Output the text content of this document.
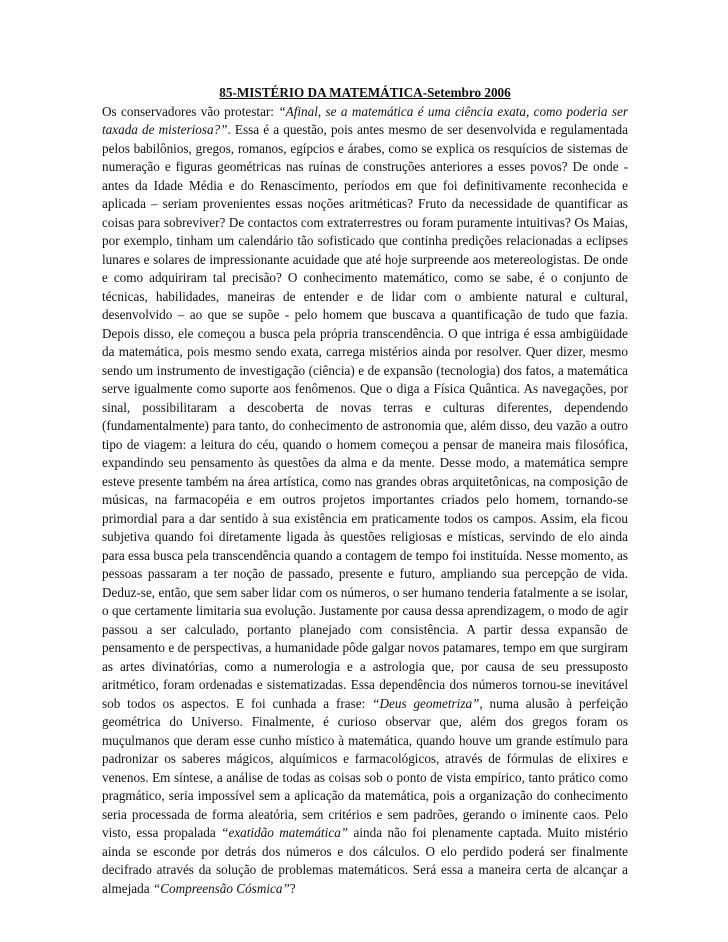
85-MISTÉRIO DA MATEMÁTICA-Setembro 2006

Os conservadores vão protestar: “Afinal, se a matemática é uma ciência exata, como poderia ser taxada de misteriosa?”. Essa é a questão, pois antes mesmo de ser desenvolvida e regulamentada pelos babilônios, gregos, romanos, egípcios e árabes, como se explica os resquícios de sistemas de numeração e figuras geométricas nas ruínas de construções anteriores a esses povos? De onde - antes da Idade Média e do Renascimento, períodos em que foi definitivamente reconhecida e aplicada – seriam provenientes essas noções aritméticas? Fruto da necessidade de quantificar as coisas para sobreviver? De contactos com extraterrestres ou foram puramente intuitivas? Os Maias, por exemplo, tinham um calendário tão sofisticado que continha predições relacionadas a eclipses lunares e solares de impressionante acuidade que até hoje surpreende aos metereologistas. De onde e como adquiriram tal precisão? O conhecimento matemático, como se sabe, é o conjunto de técnicas, habilidades, maneiras de entender e de lidar com o ambiente natural e cultural, desenvolvido – ao que se supõe - pelo homem que buscava a quantificação de tudo que fazia. Depois disso, ele começou a busca pela própria transcendência. O que intriga é essa ambigüidade da matemática, pois mesmo sendo exata, carrega mistérios ainda por resolver. Quer dizer, mesmo sendo um instrumento de investigação (ciência) e de expansão (tecnologia) dos fatos, a matemática serve igualmente como suporte aos fenômenos. Que o diga a Física Quântica. As navegações, por sinal, possibilitaram a descoberta de novas terras e culturas diferentes, dependendo (fundamentalmente) para tanto, do conhecimento de astronomia que, além disso, deu vazão a outro tipo de viagem: a leitura do céu, quando o homem começou a pensar de maneira mais filosófica, expandindo seu pensamento às questões da alma e da mente. Desse modo, a matemática sempre esteve presente também na área artística, como nas grandes obras arquitetônicas, na composição de músicas, na farmacopéia e em outros projetos importantes criados pelo homem, tornando-se primordial para a dar sentido à sua existência em praticamente todos os campos. Assim, ela ficou subjetiva quando foi diretamente ligada às questões religiosas e místicas, servindo de elo ainda para essa busca pela transcendência quando a contagem de tempo foi instituída. Nesse momento, as pessoas passaram a ter noção de passado, presente e futuro, ampliando sua percepção de vida. Deduz-se, então, que sem saber lidar com os números, o ser humano tenderia fatalmente a se isolar, o que certamente limitaria sua evolução. Justamente por causa dessa aprendizagem, o modo de agir passou a ser calculado, portanto planejado com consistência. A partir dessa expansão de pensamento e de perspectivas, a humanidade pôde galgar novos patamares, tempo em que surgiram as artes divinatórias, como a numerologia e a astrologia que, por causa de seu pressuposto aritmético, foram ordenadas e sistematizadas. Essa dependência dos números tornou-se inevitável sob todos os aspectos. E foi cunhada a frase: “Deus geometriza”, numa alusão à perfeição geométrica do Universo. Finalmente, é curioso observar que, além dos gregos foram os muçulmanos que deram esse cunho místico à matemática, quando houve um grande estímulo para padronizar os saberes mágicos, alquímicos e farmacológicos, através de fórmulas de elixires e venenos. Em síntese, a análise de todas as coisas sob o ponto de vista empírico, tanto prático como pragmático, seria impossível sem a aplicação da matemática, pois a organização do conhecimento seria processada de forma aleatória, sem critérios e sem padrões, gerando o iminente caos. Pelo visto, essa propalada “exatidão matemática” ainda não foi plenamente captada. Muito mistério ainda se esconde por detrás dos números e dos cálculos. O elo perdido poderá ser finalmente decifrado através da solução de problemas matemáticos. Será essa a maneira certa de alcançar a almejada “Compreensão Cósmica”?
